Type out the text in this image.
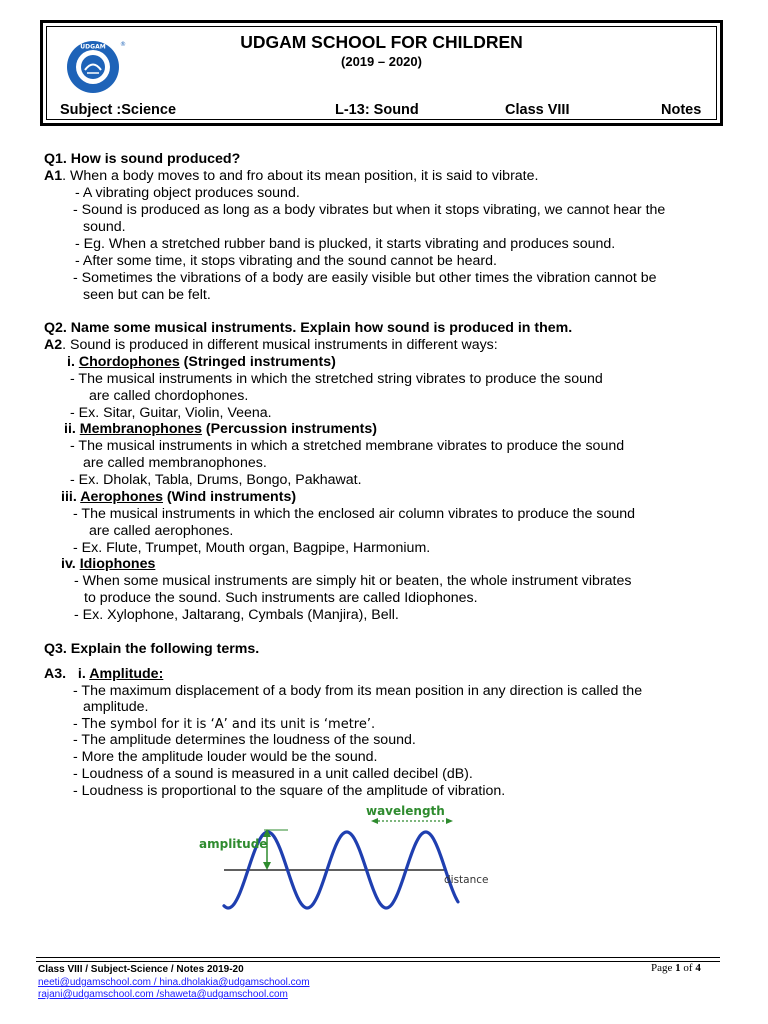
UDGAM ®	UDGAM SCHOOL FOR CHILDREN
(2019 – 2020)
Subject :Science	L-13: Sound	Class VIII	Notes
Q1. How is sound produced?
A1. When a body moves to and fro about its mean position, it is said to vibrate.
- A vibrating object produces sound.
- Sound is produced as long as a body vibrates but when it stops vibrating, we cannot hear the
sound.
- Eg. When a stretched rubber band is plucked, it starts vibrating and produces sound.
- After some time, it stops vibrating and the sound cannot be heard.
- Sometimes the vibrations of a body are easily visible but other times the vibration cannot be
seen but can be felt.
Q2. Name some musical instruments. Explain how sound is produced in them.
A2. Sound is produced in different musical instruments in different ways:
i. Chordophones (Stringed instruments)
- The musical instruments in which the stretched string vibrates to produce the sound
are called chordophones.
- Ex. Sitar, Guitar, Violin, Veena.
ii. Membranophones (Percussion instruments)
- The musical instruments in which a stretched membrane vibrates to produce the sound
are called membranophones.
- Ex. Dholak, Tabla, Drums, Bongo, Pakhawat.
iii. Aerophones (Wind instruments)
- The musical instruments in which the enclosed air column vibrates to produce the sound
are called aerophones.
- Ex. Flute, Trumpet, Mouth organ, Bagpipe, Harmonium.
iv. Idiophones
- When some musical instruments are simply hit or beaten, the whole instrument vibrates
to produce the sound. Such instruments are called Idiophones.
- Ex. Xylophone, Jaltarang, Cymbals (Manjira), Bell.
Q3. Explain the following terms.
A3. i. Amplitude:
- The maximum displacement of a body from its mean position in any direction is called the
amplitude.
- The symbol for it is ‘A’ and its unit is ‘metre’.
- The amplitude determines the loudness of the sound.
- More the amplitude louder would be the sound.
- Loudness of a sound is measured in a unit called decibel (dB).
- Loudness is proportional to the square of the amplitude of vibration.
amplitude
wavelength
distance
Class VIII / Subject-Science / Notes 2019-20	Page 1 of 4
neeti@udgamschool.com / hina.dholakia@udgamschool.com
rajani@udgamschool.com /shaweta@udgamschool.com
